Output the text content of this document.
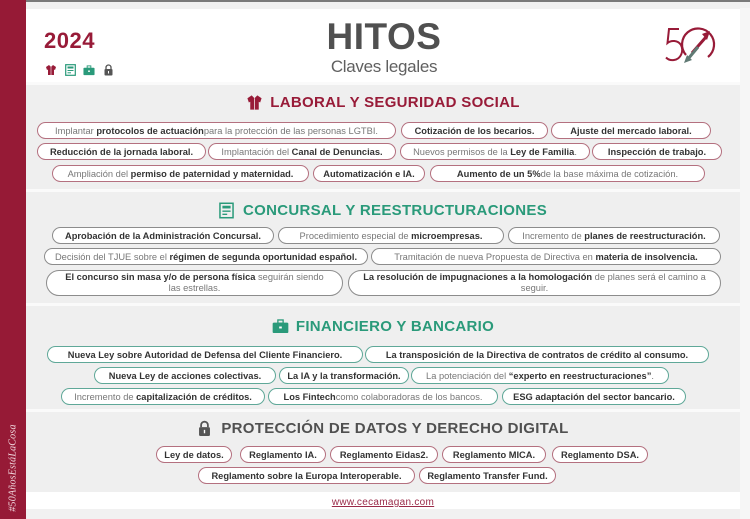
#50AñosEstáLaCosa
2024	HITOS
Claves legales
LABORAL Y SEGURIDAD SOCIAL
Implantar
protocolos de actuación para la protección de las personas LGTBI.	Cotización de los becarios.	Ajuste del mercado laboral.
Reducción de la jornada laboral.	Implantación del
Canal de Denuncias.	Nuevos permisos de la
Ley de Familia .	Inspección de trabajo.
Ampliación del
permiso de paternidad y maternidad.	Automatización e IA.	Aumento de un 5% de la base máxima de cotización.
CONCURSAL Y REESTRUCTURACIONES
Aprobación de la Administración Concursal.	Procedimiento especial de
microempresas.	Incremento de
planes de reestructuración.
Decisión del TJUE sobre el
régimen de segunda oportunidad español.	Tramitación de nueva Propuesta de Directiva en
materia de insolvencia.
El concurso sin masa y/o de persona física seguirán siendo las estrellas.
La resolución de impugnaciones a la homologación de planes será el camino a seguir.
FINANCIERO Y BANCARIO
Nueva Ley sobre Autoridad de Defensa del Cliente Financiero.	La transposición de la Directiva de contratos de crédito al consumo.
Nueva Ley de acciones colectivas.	La IA y la transformación.	La potenciación del
“experto en reestructuraciones” .
Incremento de
capitalización de créditos.	Los Fintech como colaboradoras de los bancos.	ESG adaptación del sector bancario.
PROTECCIÓN DE DATOS Y DERECHO DIGITAL
Ley de datos.	Reglamento IA. Reglamento Eidas2.	Reglamento MICA.	Reglamento DSA.
Reglamento sobre la Europa Interoperable.	Reglamento Transfer Fund.
www.cecamagan.com
